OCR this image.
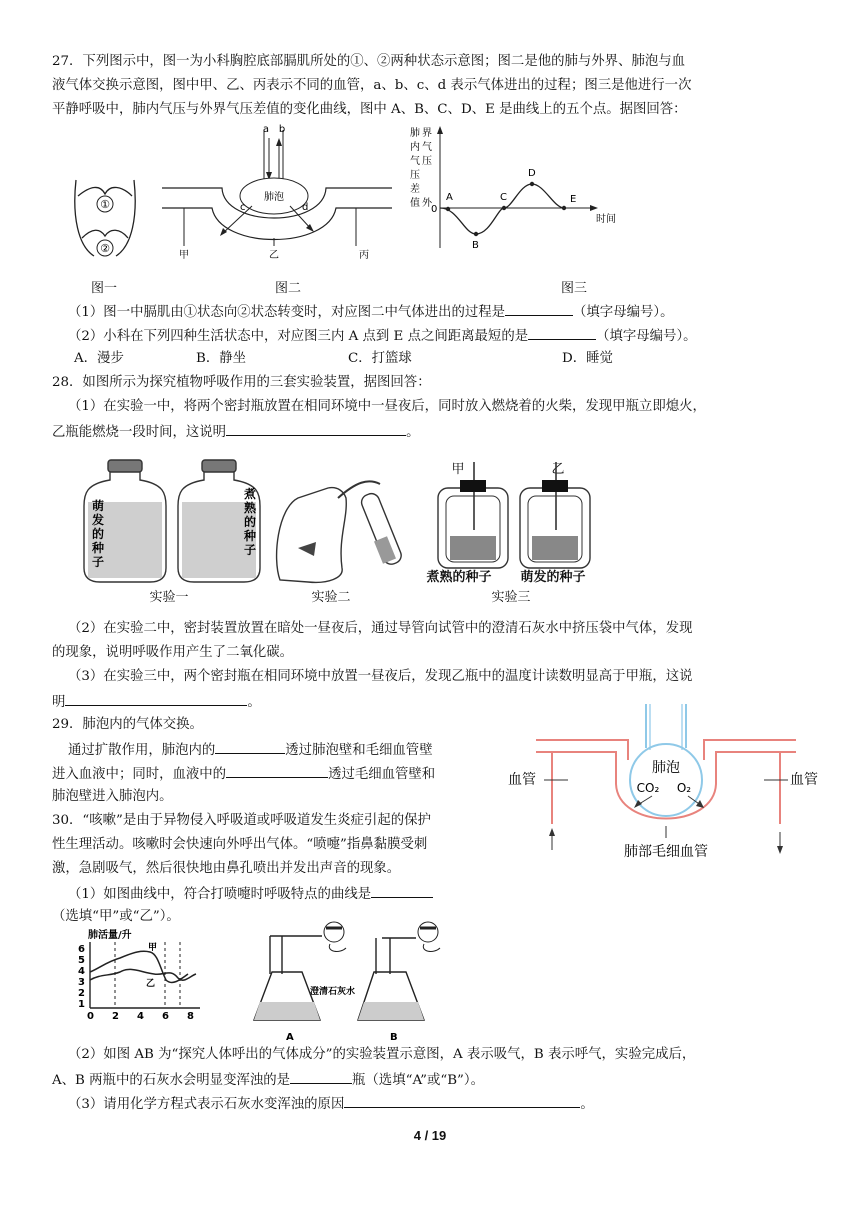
27．下列图示中，图一为小科胸腔底部膈肌所处的①、②两种状态示意图；图二是他的肺与外界、肺泡与血
液气体交换示意图，图中甲、乙、丙表示不同的血管，a、b、c、d 表示气体进出的过程；图三是他进行一次
平静呼吸中，肺内气压与外界气压差值的变化曲线，图中 A、B、C、D、E 是曲线上的五个点。据图回答：
①
②
图一
a b
肺泡
c	d
甲	乙	丙
图二
肺
内
气
压
差
值
界
气
压
外
0
时间
A
B
C
D
E
图三
（1）图一中膈肌由①状态向②状态转变时，对应图二中气体进出的过程是	（填字母编号）。
（2）小科在下列四种生活状态中，对应图三内 A 点到 E 点之间距离最短的是	（填字母编号）。
A．漫步	B．静坐	C．打篮球	D．睡觉
28．如图所示为探究植物呼吸作用的三套实验装置，据图回答：
（1）在实验一中，将两个密封瓶放置在相同环境中一昼夜后，同时放入燃烧着的火柴，发现甲瓶立即熄火，
乙瓶能燃烧一段时间，这说明	。
萌
发
的
种
子
煮
熟
的
种
子
实验一	实验二
甲	乙
煮熟的种子	萌发的种子
实验三
（2）在实验二中，密封装置放置在暗处一昼夜后，通过导管向试管中的澄清石灰水中挤压袋中气体，发现
的现象，说明呼吸作用产生了二氧化碳。
（3）在实验三中，两个密封瓶在相同环境中放置一昼夜后，发现乙瓶中的温度计读数明显高于甲瓶，这说
明	。
29．肺泡内的气体交换。
通过扩散作用，肺泡内的	透过肺泡壁和毛细血管壁
进入血液中；同时，血液中的	透过毛细血管壁和
肺泡壁进入肺泡内。
肺泡
CO₂ O₂
血管	血管
肺部毛细血管
30．“咳嗽”是由于异物侵入呼吸道或呼吸道发生炎症引起的保护
性生理活动。咳嗽时会快速向外呼出气体。“喷嚏”指鼻黏膜受刺
激，急剧吸气，然后很快地由鼻孔喷出并发出声音的现象。
（1）如图曲线中，符合打喷嚏时呼吸特点的曲线是
（选填“甲”或“乙”）。
肺活量/升
6
5
4
3
2
1
0 2 4 6 8
甲
乙
澄清石灰水
A	B
（2）如图 AB 为“探究人体呼出的气体成分”的实验装置示意图，A 表示吸气，B 表示呼气，实验完成后，
A、B 两瓶中的石灰水会明显变浑浊的是	瓶（选填“A”或“B”）。
（3）请用化学方程式表示石灰水变浑浊的原因	。
4 / 19
